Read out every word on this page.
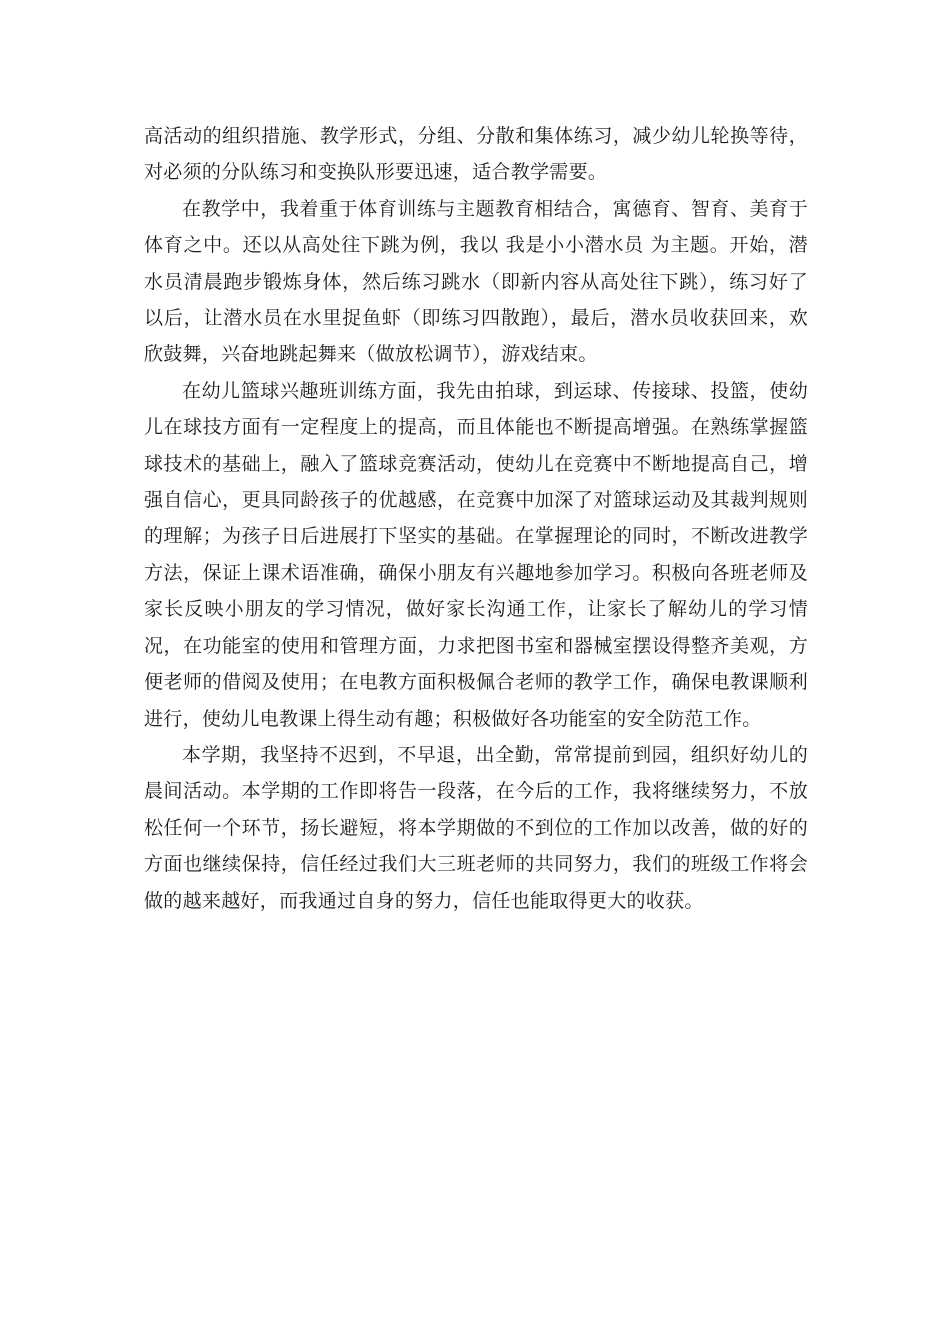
高活动的组织措施、教学形式，分组、分散和集体练习，减少幼儿轮换等待，对必须的分队练习和变换队形要迅速，适合教学需要。

在教学中，我着重于体育训练与主题教育相结合，寓德育、智育、美育于体育之中。还以从高处往下跳为例，我以 我是小小潜水员 为主题。开始，潜水员清晨跑步锻炼身体，然后练习跳水（即新内容从高处往下跳），练习好了以后，让潜水员在水里捉鱼虾（即练习四散跑），最后，潜水员收获回来，欢欣鼓舞，兴奋地跳起舞来（做放松调节），游戏结束。

在幼儿篮球兴趣班训练方面，我先由拍球，到运球、传接球、投篮，使幼儿在球技方面有一定程度上的提高，而且体能也不断提高增强。在熟练掌握篮球技术的基础上，融入了篮球竞赛活动，使幼儿在竞赛中不断地提高自己，增强自信心，更具同龄孩子的优越感，在竞赛中加深了对篮球运动及其裁判规则的理解；为孩子日后进展打下坚实的基础。在掌握理论的同时，不断改进教学方法，保证上课术语准确，确保小朋友有兴趣地参加学习。积极向各班老师及家长反映小朋友的学习情况，做好家长沟通工作，让家长了解幼儿的学习情况，在功能室的使用和管理方面，力求把图书室和器械室摆设得整齐美观，方便老师的借阅及使用；在电教方面积极佩合老师的教学工作，确保电教课顺利进行，使幼儿电教课上得生动有趣；积极做好各功能室的安全防范工作。

本学期，我坚持不迟到，不早退，出全勤，常常提前到园，组织好幼儿的晨间活动。本学期的工作即将告一段落，在今后的工作，我将继续努力，不放松任何一个环节，扬长避短，将本学期做的不到位的工作加以改善，做的好的方面也继续保持，信任经过我们大三班老师的共同努力，我们的班级工作将会做的越来越好，而我通过自身的努力，信任也能取得更大的收获。
